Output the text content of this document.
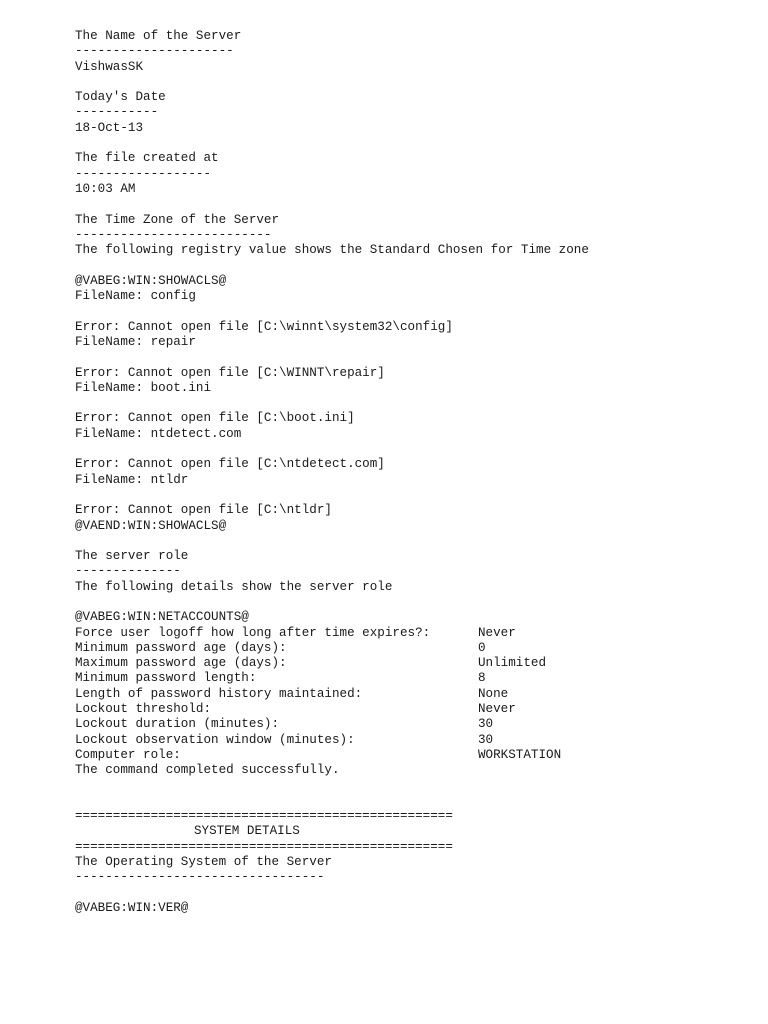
The Name of the Server
---------------------
VishwasSK
Today's Date
-----------
18-Oct-13
The file created at
------------------
10:03 AM
The Time Zone of the Server
--------------------------
The following registry value shows the Standard Chosen for Time zone
@VABEG:WIN:SHOWACLS@
FileName: config
Error: Cannot open file [C:\winnt\system32\config]
FileName: repair
Error: Cannot open file [C:\WINNT\repair]
FileName: boot.ini
Error: Cannot open file [C:\boot.ini]
FileName: ntdetect.com
Error: Cannot open file [C:\ntdetect.com]
FileName: ntldr
Error: Cannot open file [C:\ntldr]
@VAEND:WIN:SHOWACLS@
The server role
--------------
The following details show the server role
@VABEG:WIN:NETACCOUNTS@
Force user logoff how long after time expires?:	Never
Minimum password age (days):	0
Maximum password age (days):	Unlimited
Minimum password length:	8
Length of password history maintained:	None
Lockout threshold:	Never
Lockout duration (minutes):	30
Lockout observation window (minutes):	30
Computer role:	WORKSTATION
The command completed successfully.
==================================================
SYSTEM DETAILS
==================================================
The Operating System of the Server
---------------------------------
@VABEG:WIN:VER@
